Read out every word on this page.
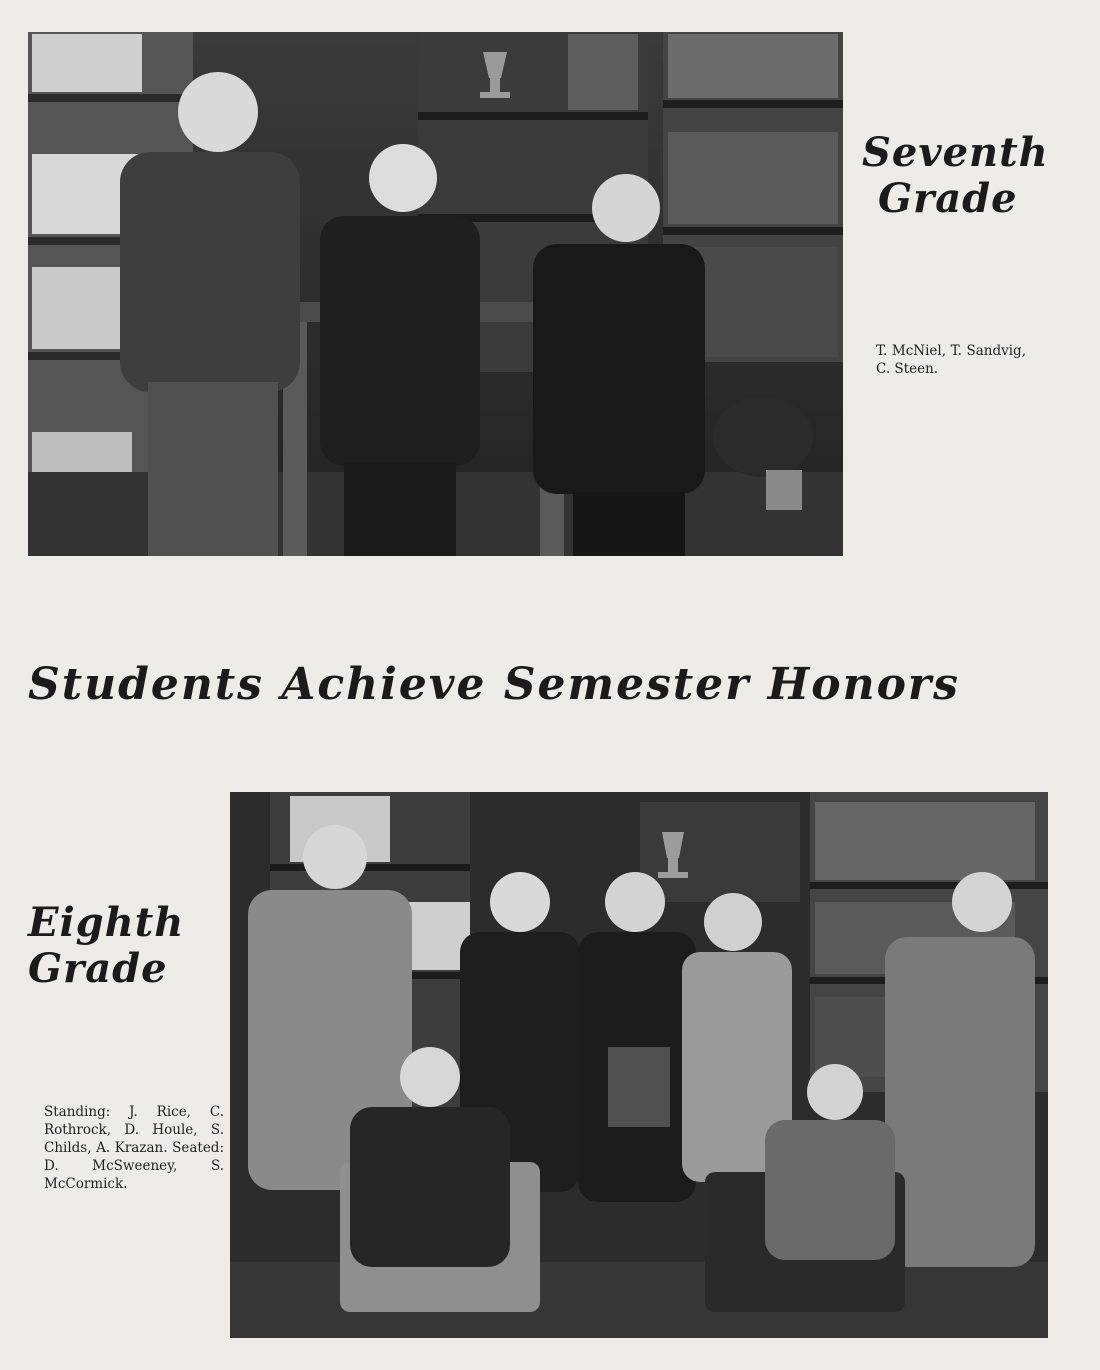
Seventh
Grade

T. McNiel, T. Sandvig, C. Steen.

Students Achieve Semester Honors
Eighth
Grade

Standing: J. Rice, C. Rothrock, D. Houle, S. Childs, A. Krazan. Seated: D. McSweeney, S. McCormick.
